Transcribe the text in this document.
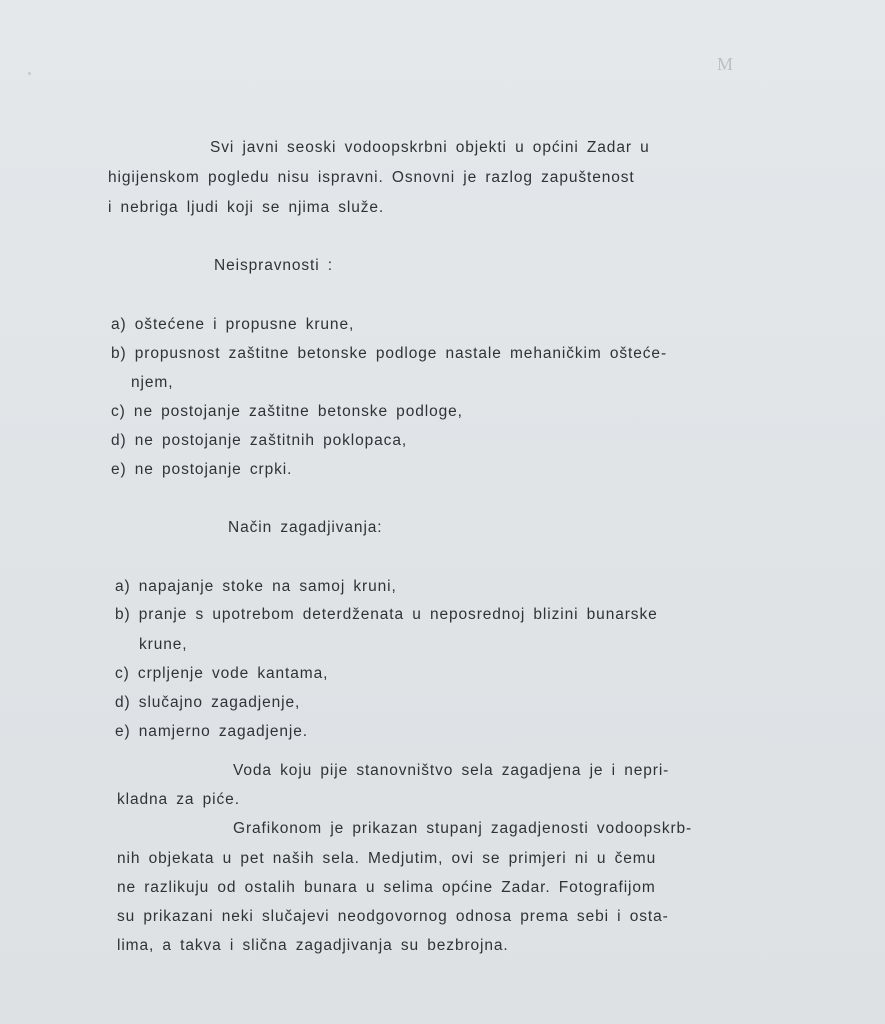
M
Svi javni seoski vodoopskrbni objekti u općini Zadar u
higijenskom pogledu nisu ispravni. Osnovni je razlog zapuštenost
i nebriga ljudi koji se njima služe.
Neispravnosti :
a) oštećene i propusne krune,
b) propusnost zaštitne betonske podloge nastale mehaničkim ošteće-
njem,
c) ne postojanje zaštitne betonske podloge,
d) ne postojanje zaštitnih poklopaca,
e) ne postojanje crpki.
Način zagadjivanja:
a) napajanje stoke na samoj kruni,
b) pranje s upotrebom deterdženata u neposrednoj blizini bunarske
krune,
c) crpljenje vode kantama,
d) slučajno zagadjenje,
e) namjerno zagadjenje.
Voda koju pije stanovništvo sela zagadjena je i nepri-
kladna za piće.
Grafikonom je prikazan stupanj zagadjenosti vodoopskrb-
nih objekata u pet naših sela. Medjutim, ovi se primjeri ni u čemu
ne razlikuju od ostalih bunara u selima općine Zadar. Fotografijom
su prikazani neki slučajevi neodgovornog odnosa prema sebi i osta-
lima, a takva i slična zagadjivanja su bezbrojna.
